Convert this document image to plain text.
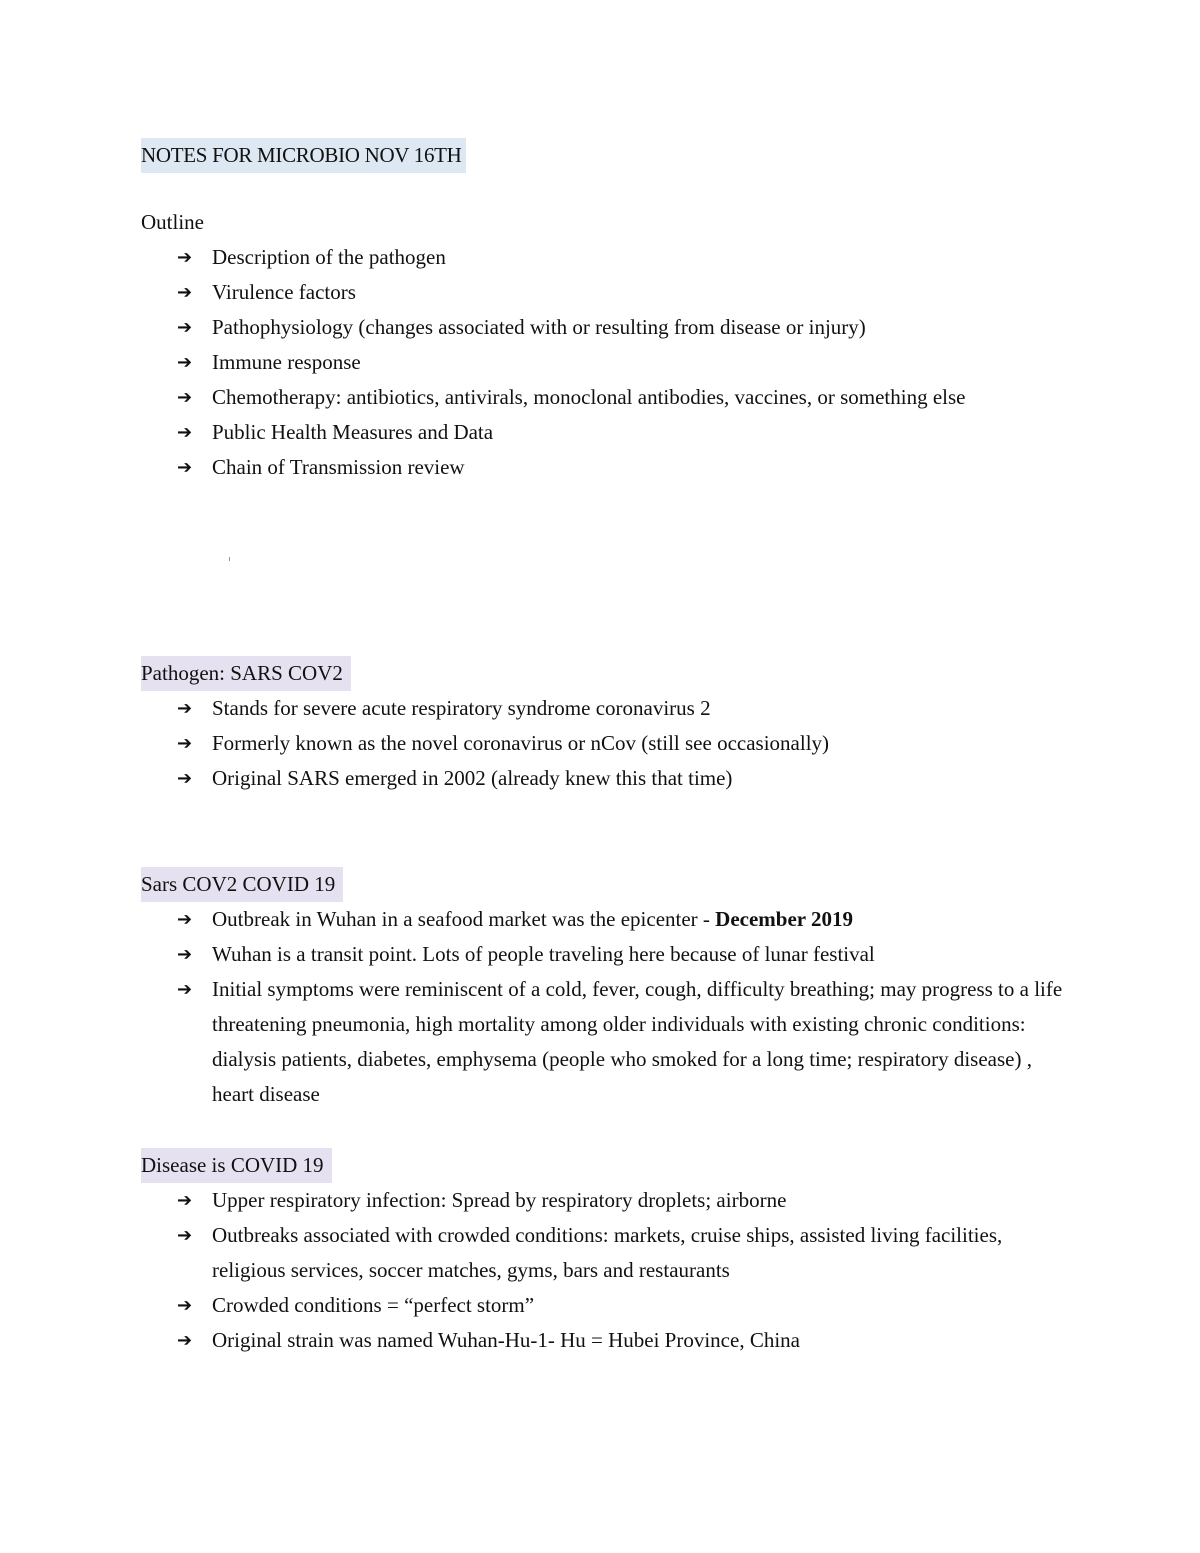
NOTES FOR MICROBIO NOV 16TH
Outline
➔ Description of the pathogen
➔ Virulence factors
➔ Pathophysiology (changes associated with or resulting from disease or injury)
➔ Immune response
➔ Chemotherapy: antibiotics, antivirals, monoclonal antibodies, vaccines, or something else
➔ Public Health Measures and Data
➔ Chain of Transmission review
Pathogen: SARS COV2
➔ Stands for severe acute respiratory syndrome coronavirus 2
➔ Formerly known as the novel coronavirus or nCov (still see occasionally)
➔ Original SARS emerged in 2002 (already knew this that time)
Sars COV2 COVID 19
➔ Outbreak in Wuhan in a seafood market was the epicenter - December 2019
➔ Wuhan is a transit point. Lots of people traveling here because of lunar festival
➔ Initial symptoms were reminiscent of a cold, fever, cough, difficulty breathing; may progress to a life threatening pneumonia, high mortality among older individuals with existing chronic conditions: dialysis patients, diabetes, emphysema (people who smoked for a long time; respiratory disease) , heart disease
Disease is COVID 19
➔ Upper respiratory infection: Spread by respiratory droplets; airborne
➔ Outbreaks associated with crowded conditions: markets, cruise ships, assisted living facilities, religious services, soccer matches, gyms, bars and restaurants
➔ Crowded conditions = “perfect storm”
➔ Original strain was named Wuhan-Hu-1- Hu = Hubei Province, China
